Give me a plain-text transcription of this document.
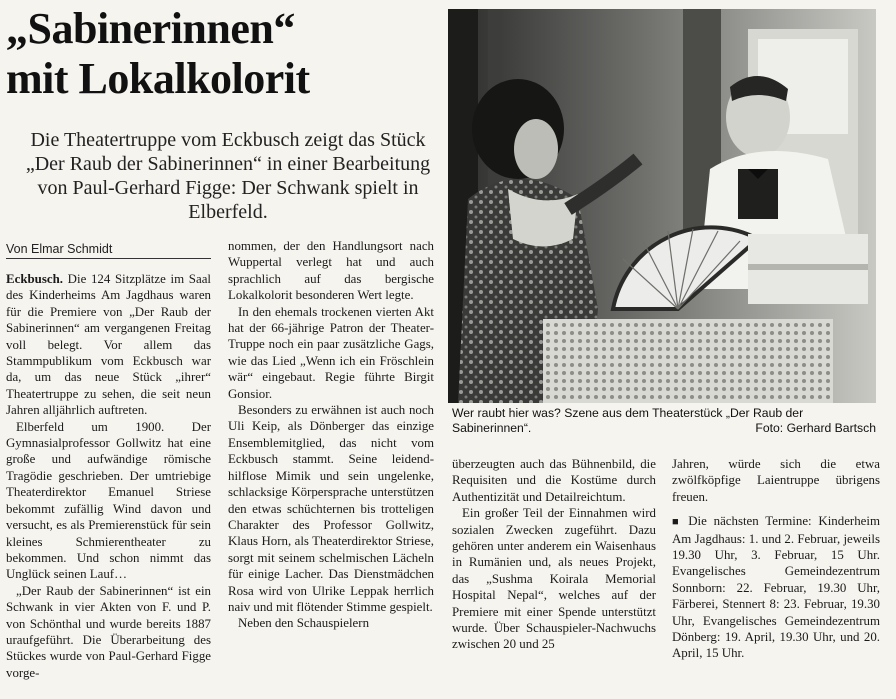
„Sabinerinnen“
mit Lokalkolorit
Die Theatertruppe vom Eckbusch zeigt das Stück „Der Raub der Sabinerinnen“ in einer Bearbeitung von Paul-Gerhard Figge: Der Schwank spielt in Elberfeld.
Von Elmar Schmidt

Eckbusch. Die 124 Sitzplätze im Saal des Kinderheims Am Jagdhaus waren für die Premiere von „Der Raub der Sabinerinnen“ am vergangenen Freitag voll belegt. Vor allem das Stammpublikum vom Eckbusch war da, um das neue Stück „ihrer“ Theatertruppe zu sehen, die seit neun Jahren alljährlich auftreten.

Elberfeld um 1900. Der Gymnasialprofessor Gollwitz hat eine große und aufwändige römische Tragödie geschrieben. Der umtriebige Theaterdirektor Emanuel Striese bekommt zufällig Wind davon und versucht, es als Premierenstück für sein kleines Schmierentheater zu bekommen. Und schon nimmt das Unglück seinen Lauf…

„Der Raub der Sabinerinnen“ ist ein Schwank in vier Akten von F. und P. von Schönthal und wurde bereits 1887 uraufgeführt. Die Überarbeitung des Stückes wurde von Paul-Gerhard Figge vorge-

nommen, der den Handlungsort nach Wuppertal verlegt hat und auch sprachlich auf das bergische Lokalkolorit besonderen Wert legte.

In den ehemals trockenen vierten Akt hat der 66-jährige Patron der Theater-Truppe noch ein paar zusätzliche Gags, wie das Lied „Wenn ich ein Fröschlein wär“ eingebaut. Regie führte Birgit Gonsior.

Besonders zu erwähnen ist auch noch Uli Keip, als Dönberger das einzige Ensemblemitglied, das nicht vom Eckbusch stammt. Seine leidend-hilflose Mimik und sein ungelenke, schlacksige Körpersprache unterstützen den etwas schüchternen bis trotteligen Charakter des Professor Gollwitz, Klaus Horn, als Theaterdirektor Striese, sorgt mit seinem schelmischen Lächeln für einige Lacher. Das Dienstmädchen Rosa wird von Ulrike Leppak herrlich naiv und mit flötender Stimme gespielt.

Neben den Schauspielern

Wer raubt hier was? Szene aus dem Theaterstück „Der Raub der Sabinerinnen“.	Foto: Gerhard Bartsch

überzeugten auch das Bühnenbild, die Requisiten und die Kostüme durch Authentizität und Detailreichtum.

Ein großer Teil der Einnahmen wird sozialen Zwecken zugeführt. Dazu gehören unter anderem ein Waisenhaus in Rumänien und, als neues Projekt, das „Sushma Koirala Memorial Hospital Nepal“, welches auf der Premiere mit einer Spende unterstützt wurde. Über Schauspieler-Nachwuchs zwischen 20 und 25

Jahren, würde sich die etwa zwölfköpfige Laientruppe übrigens freuen.

■ Die nächsten Termine: Kinderheim Am Jagdhaus: 1. und 2. Februar, jeweils 19.30 Uhr, 3. Februar, 15 Uhr. Evangelisches Gemeindezentrum Sonnborn: 22. Februar, 19.30 Uhr, Färberei, Stennert 8: 23. Februar, 19.30 Uhr, Evangelisches Gemeindezentrum Dönberg: 19. April, 19.30 Uhr, und 20. April, 15 Uhr.
